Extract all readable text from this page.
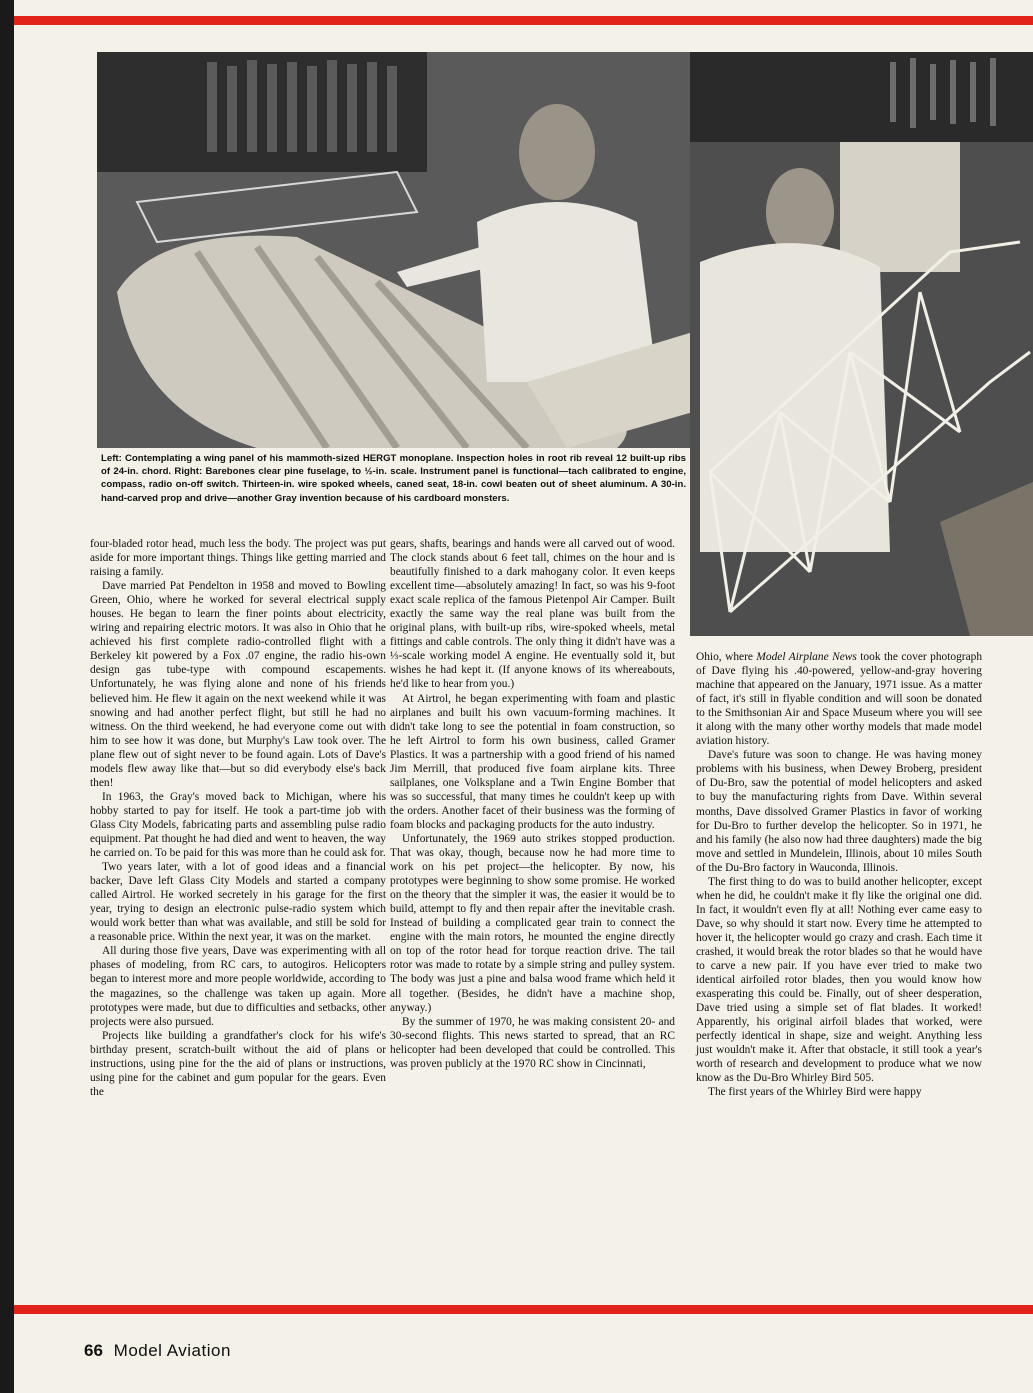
Left: Contemplating a wing panel of his mammoth-sized HERGT monoplane. Inspection holes in root rib reveal 12 built-up ribs of 24-in. chord. Right: Barebones clear pine fuselage, to ½-in. scale. Instrument panel is functional—tach calibrated to engine, compass, radio on-off switch. Thirteen-in. wire spoked wheels, caned seat, 18-in. cowl beaten out of sheet aluminum. A 30-in. hand-carved prop and drive—another Gray invention because of his cardboard monsters.

four-bladed rotor head, much less the body. The project was put aside for more important things. Things like getting married and raising a family.

Dave married Pat Pendelton in 1958 and moved to Bowling Green, Ohio, where he worked for several electrical supply houses. He began to learn the finer points about electricity, wiring and repairing electric motors. It was also in Ohio that he achieved his first complete radio-controlled flight with a Berkeley kit powered by a Fox .07 engine, the radio his-own design gas tube-type with compound escapements. Unfortunately, he was flying alone and none of his friends believed him. He flew it again on the next weekend while it was snowing and had another perfect flight, but still he had no witness. On the third weekend, he had everyone come out with him to see how it was done, but Murphy's Law took over. The plane flew out of sight never to be found again. Lots of Dave's models flew away like that—but so did everybody else's back then!

In 1963, the Gray's moved back to Michigan, where his hobby started to pay for itself. He took a part-time job with Glass City Models, fabricating parts and assembling pulse radio equipment. Pat thought he had died and went to heaven, the way he carried on. To be paid for this was more than he could ask for.

Two years later, with a lot of good ideas and a financial backer, Dave left Glass City Models and started a company called Airtrol. He worked secretely in his garage for the first year, trying to design an electronic pulse-radio system which would work better than what was available, and still be sold for a reasonable price. Within the next year, it was on the market.

All during those five years, Dave was experimenting with all phases of modeling, from RC cars, to autogiros. Helicopters began to interest more and more people worldwide, according to the magazines, so the challenge was taken up again. More prototypes were made, but due to difficulties and setbacks, other projects were also pursued.

Projects like building a grandfather's clock for his wife's birthday present, scratch-built without the aid of plans or instructions, using pine for the the aid of plans or instructions, using pine for the cabinet and gum popular for the gears. Even the

gears, shafts, bearings and hands were all carved out of wood. The clock stands about 6 feet tall, chimes on the hour and is beautifully finished to a dark mahogany color. It even keeps excellent time—absolutely amazing! In fact, so was his 9-foot exact scale replica of the famous Pietenpol Air Camper. Built exactly the same way the real plane was built from the original plans, with built-up ribs, wire-spoked wheels, metal fittings and cable controls. The only thing it didn't have was a ⅓-scale working model A engine. He eventually sold it, but wishes he had kept it. (If anyone knows of its whereabouts, he'd like to hear from you.)

At Airtrol, he began experimenting with foam and plastic airplanes and built his own vacuum-forming machines. It didn't take long to see the potential in foam construction, so he left Airtrol to form his own business, called Gramer Plastics. It was a partnership with a good friend of his named Jim Merrill, that produced five foam airplane kits. Three sailplanes, one Volksplane and a Twin Engine Bomber that was so successful, that many times he couldn't keep up with the orders. Another facet of their business was the forming of foam blocks and packaging products for the auto industry.

Unfortunately, the 1969 auto strikes stopped production. That was okay, though, because now he had more time to work on his pet project—the helicopter. By now, his prototypes were beginning to show some promise. He worked on the theory that the simpler it was, the easier it would be to build, attempt to fly and then repair after the inevitable crash. Instead of building a complicated gear train to connect the engine with the main rotors, he mounted the engine directly on top of the rotor head for torque reaction drive. The tail rotor was made to rotate by a simple string and pulley system. The body was just a pine and balsa wood frame which held it all together. (Besides, he didn't have a machine shop, anyway.)

By the summer of 1970, he was making consistent 20- and 30-second flights. This news started to spread, that an RC helicopter had been developed that could be controlled. This was proven publicly at the 1970 RC show in Cincinnati,

Ohio, where Model Airplane News took the cover photograph of Dave flying his .40-powered, yellow-and-gray hovering machine that appeared on the January, 1971 issue. As a matter of fact, it's still in flyable condition and will soon be donated to the Smithsonian Air and Space Museum where you will see it along with the many other worthy models that made model aviation history.

Dave's future was soon to change. He was having money problems with his business, when Dewey Broberg, president of Du-Bro, saw the potential of model helicopters and asked to buy the manufacturing rights from Dave. Within several months, Dave dissolved Gramer Plastics in favor of working for Du-Bro to further develop the helicopter. So in 1971, he and his family (he also now had three daughters) made the big move and settled in Mundelein, Illinois, about 10 miles South of the Du-Bro factory in Wauconda, Illinois.

The first thing to do was to build another helicopter, except when he did, he couldn't make it fly like the original one did. In fact, it wouldn't even fly at all! Nothing ever came easy to Dave, so why should it start now. Every time he attempted to hover it, the helicopter would go crazy and crash. Each time it crashed, it would break the rotor blades so that he would have to carve a new pair. If you have ever tried to make two identical airfoiled rotor blades, then you would know how exasperating this could be. Finally, out of sheer desperation, Dave tried using a simple set of flat blades. It worked! Apparently, his original airfoil blades that worked, were perfectly identical in shape, size and weight. Anything less just wouldn't make it. After that obstacle, it still took a year's worth of research and development to produce what we now know as the Du-Bro Whirley Bird 505.

The first years of the Whirley Bird were happy

66 Model Aviation
